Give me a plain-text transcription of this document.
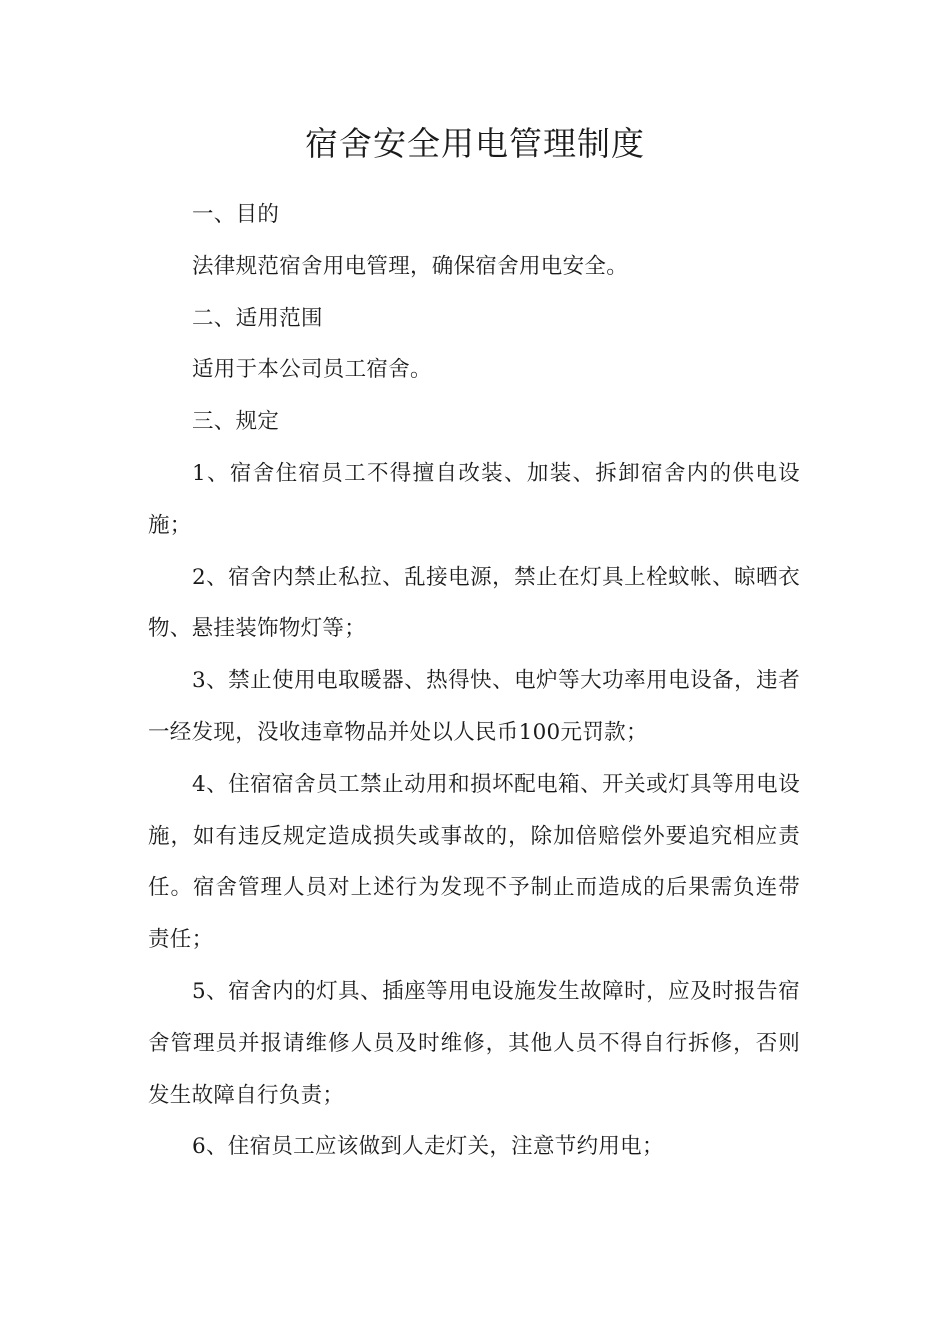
宿舍安全用电管理制度

一、目的

法律规范宿舍用电管理，确保宿舍用电安全。

二、适用范围

适用于本公司员工宿舍。

三、规定

1、宿舍住宿员工不得擅自改装、加装、拆卸宿舍内的供电设施；

2、宿舍内禁止私拉、乱接电源，禁止在灯具上栓蚊帐、晾晒衣物、悬挂装饰物灯等；

3、禁止使用电取暖器、热得快、电炉等大功率用电设备，违者一经发现，没收违章物品并处以人民币100元罚款；

4、住宿宿舍员工禁止动用和损坏配电箱、开关或灯具等用电设施，如有违反规定造成损失或事故的，除加倍赔偿外要追究相应责任。宿舍管理人员对上述行为发现不予制止而造成的后果需负连带责任；

5、宿舍内的灯具、插座等用电设施发生故障时，应及时报告宿舍管理员并报请维修人员及时维修，其他人员不得自行拆修，否则发生故障自行负责；

6、住宿员工应该做到人走灯关，注意节约用电；
